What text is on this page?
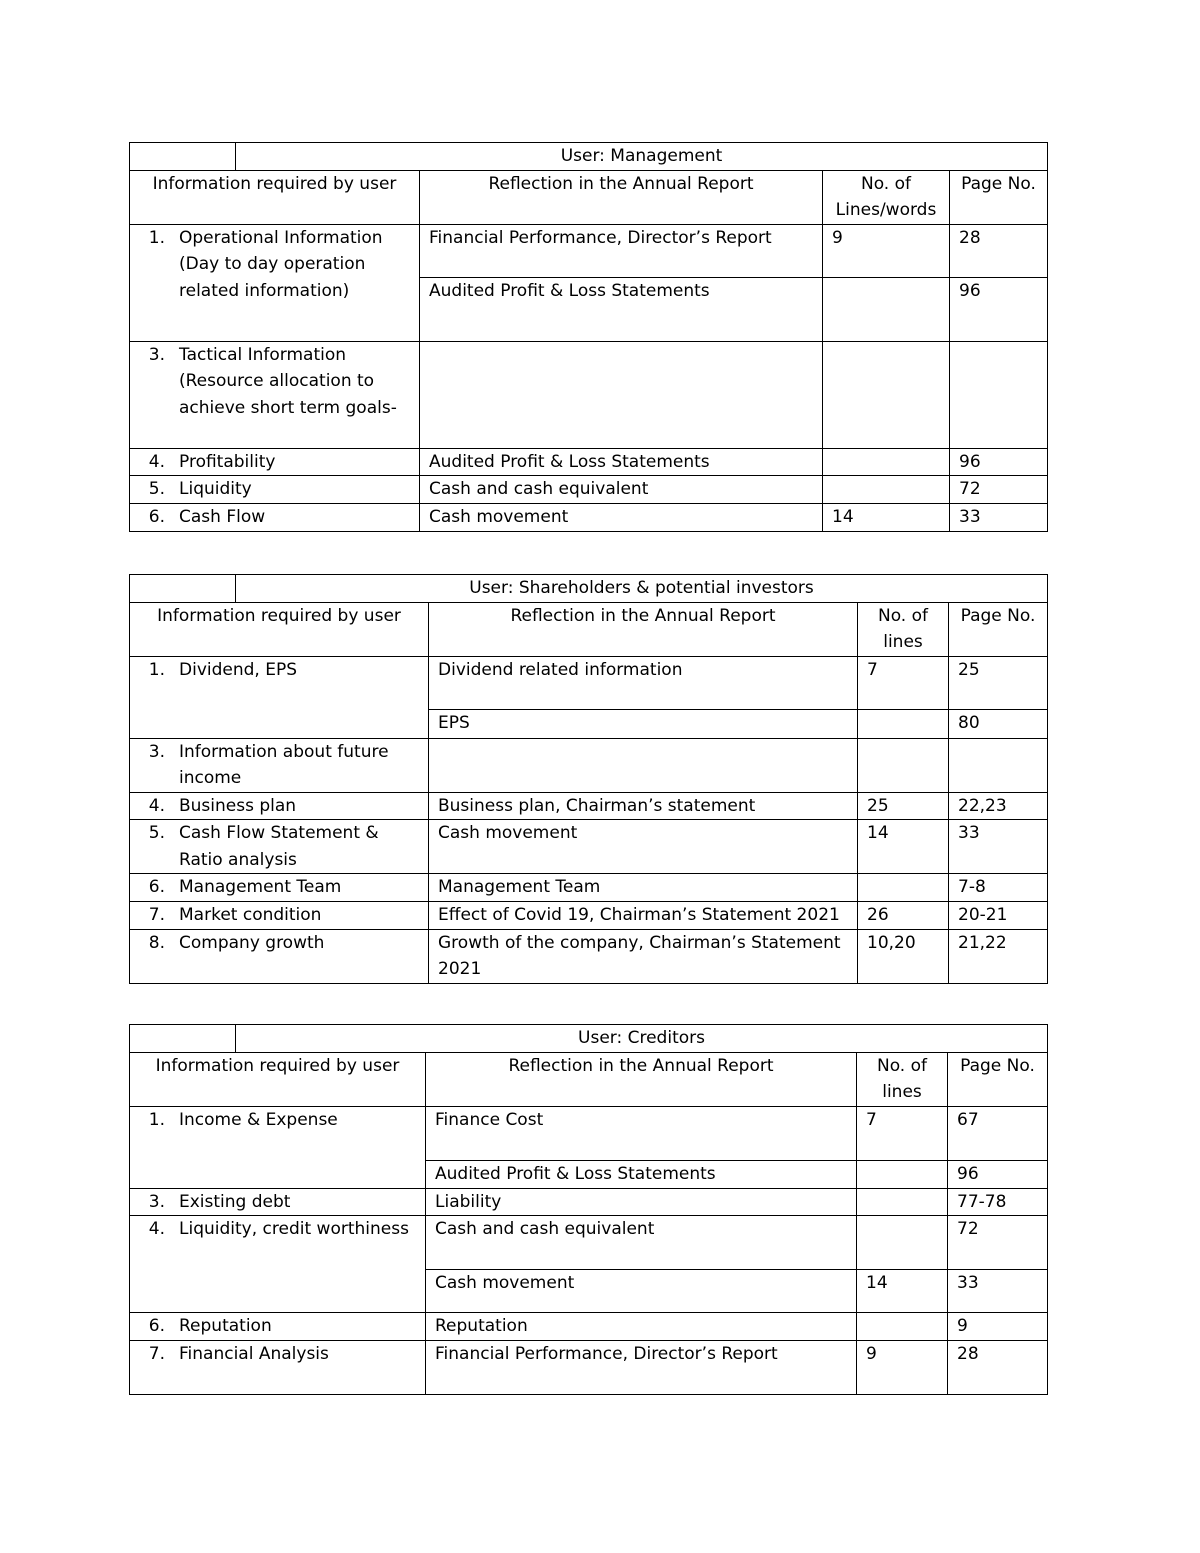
	User: Management			
Information required by user		Reflection in the Annual Report	No. of Lines/words	Page No.

1. Operational Information (Day to day operation related information)		Financial Performance, Director’s Report	9	28
		Audited Profit & Loss Statements		96

3. Tactical Information (Resource allocation to achieve short term goals-				

4. Profitability		Audited Profit & Loss Statements		96

5. Liquidity		Cash and cash equivalent		72

6. Cash Flow		Cash movement	14	33
	User: Shareholders & potential investors			
Information required by user		Reflection in the Annual Report	No. of lines	Page No.

1. Dividend, EPS		Dividend related information	7	25
		EPS		80

3. Information about future income				

4. Business plan		Business plan, Chairman’s statement	25	22,23

5. Cash Flow Statement & Ratio analysis		Cash movement	14	33

6. Management Team		Management Team		7-8

7. Market condition		Effect of Covid 19, Chairman’s Statement 2021	26	20-21

8. Company growth		Growth of the company, Chairman’s Statement 2021	10,20	21,22
	User: Creditors			
Information required by user		Reflection in the Annual Report	No. of lines	Page No.

1. Income & Expense		Finance Cost	7	67
		Audited Profit & Loss Statements		96

3. Existing debt		Liability		77-78

4. Liquidity, credit worthiness		Cash and cash equivalent		72
		Cash movement	14	33

6. Reputation		Reputation		9

7. Financial Analysis		Financial Performance, Director’s Report	9	28
